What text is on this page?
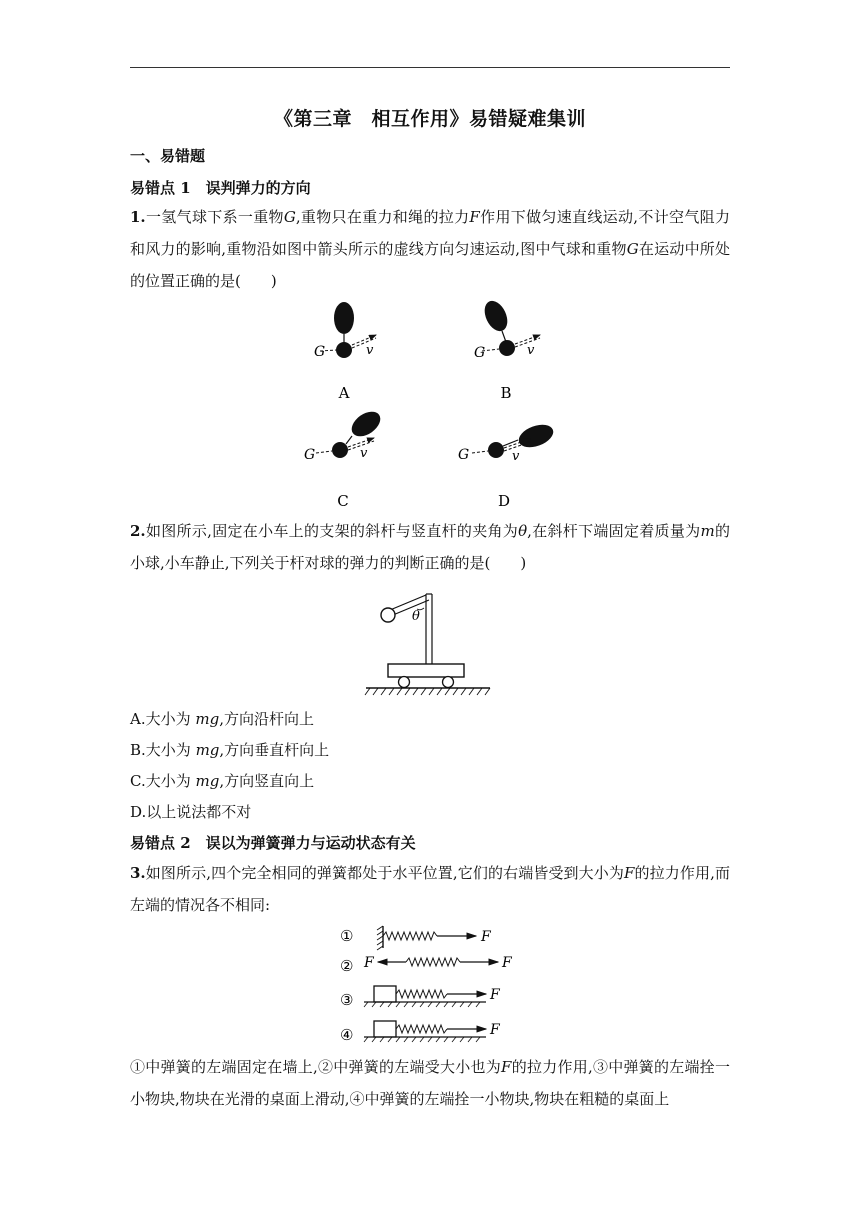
《第三章　相互作用》易错疑难集训
一、易错题
易错点 1　误判弹力的方向
1.一氢气球下系一重物G,重物只在重力和绳的拉力F作用下做匀速直线运动,不计空气阻力和风力的影响,重物沿如图中箭头所示的虚线方向匀速运动,图中气球和重物G在运动中所处的位置正确的是(　　)
G	v
A
G	v
B
G	v
C
G	v
D
2.如图所示,固定在小车上的支架的斜杆与竖直杆的夹角为θ,在斜杆下端固定着质量为m的小球,小车静止,下列关于杆对球的弹力的判断正确的是(　　)
θ
A.大小为 mg,方向沿杆向上
B.大小为 mg,方向垂直杆向上
C.大小为 mg,方向竖直向上
D.以上说法都不对
易错点 2　误以为弹簧弹力与运动状态有关
3.如图所示,四个完全相同的弹簧都处于水平位置,它们的右端皆受到大小为F的拉力作用,而左端的情况各不相同:
①	F
② F	F
③	F
④	F
①中弹簧的左端固定在墙上,②中弹簧的左端受大小也为F的拉力作用,③中弹簧的左端拴一小物块,物块在光滑的桌面上滑动,④中弹簧的左端拴一小物块,物块在粗糙的桌面上
